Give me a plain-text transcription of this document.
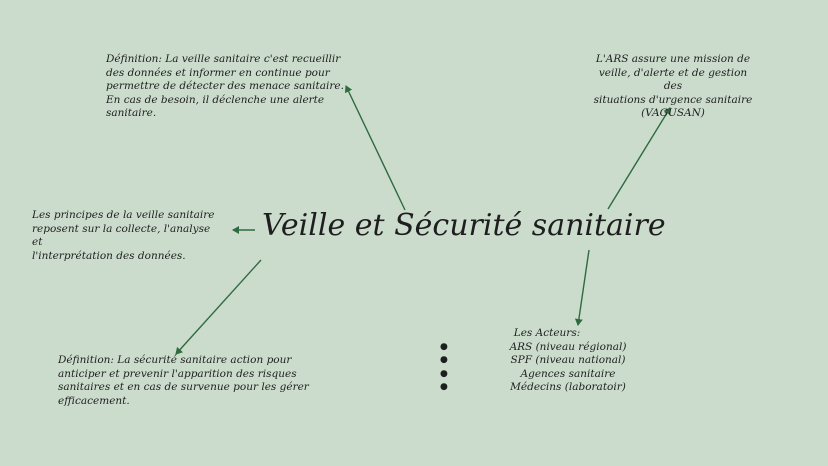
Veille et Sécurité sanitaire
Définition: La veille sanitaire c'est recueillir
des données et informer en continue pour
permettre de détecter des menace sanitaire.
En cas de besoin, il déclenche une alerte
sanitaire.
L'ARS assure une mission de
veille, d'alerte et de gestion des
situations d'urgence sanitaire
(VAGUSAN)
Les principes de la veille sanitaire
reposent sur la collecte, l'analyse et
l'interprétation des données.
Définition: La sécurité sanitaire action pour
anticiper et prevenir l'apparition des risques
sanitaires et en cas de survenue pour les gérer
efficacement.
Les Acteurs:
●	ARS (niveau régional)
●	SPF (niveau national)
●	Agences sanitaire
●	Médecins (laboratoir)
